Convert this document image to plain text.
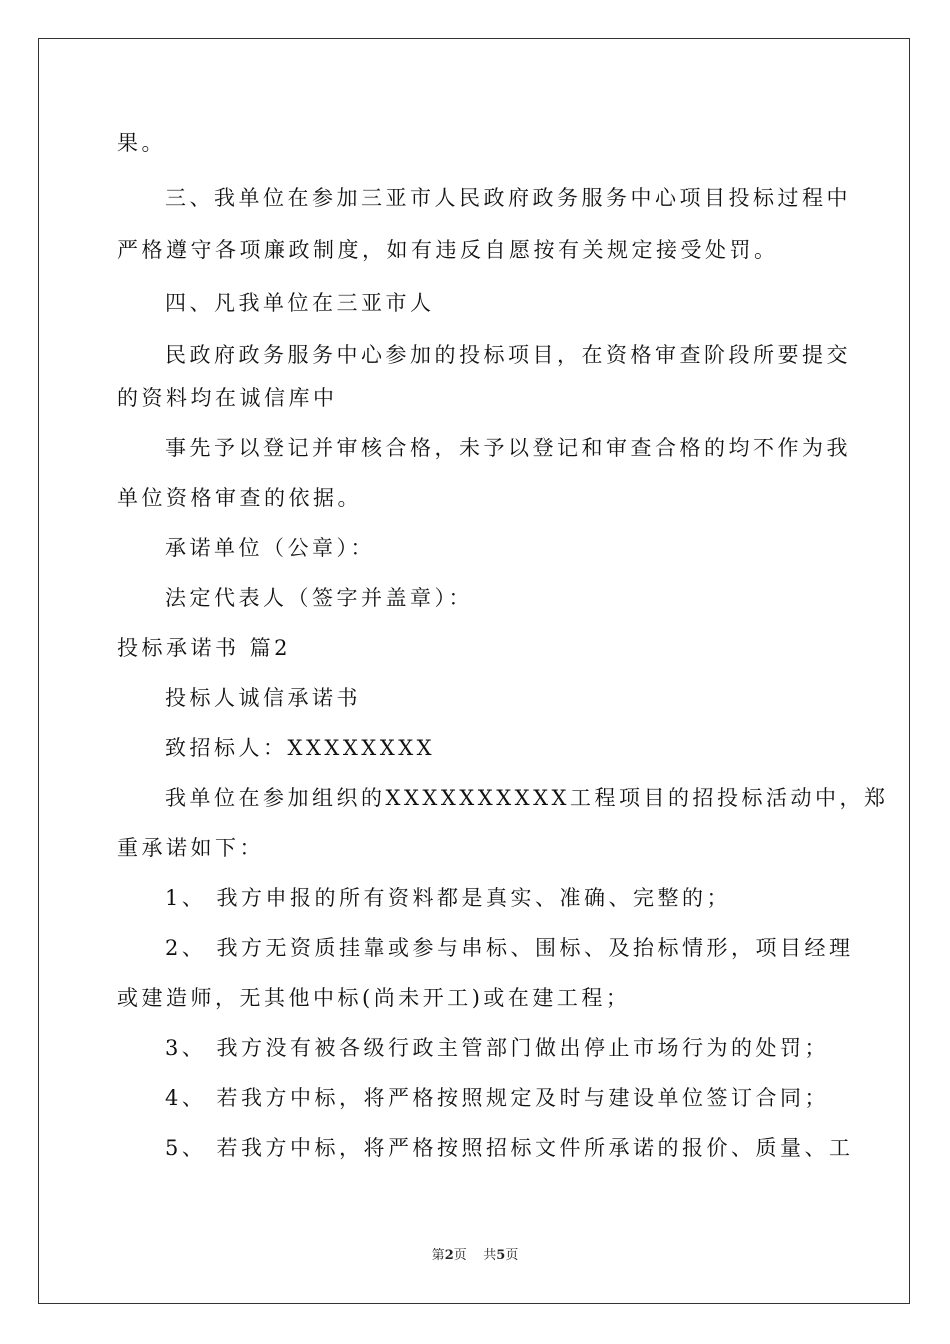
果。
三、我单位在参加三亚市人民政府政务服务中心项目投标过程中
严格遵守各项廉政制度，如有违反自愿按有关规定接受处罚。
四、凡我单位在三亚市人
民政府政务服务中心参加的投标项目，在资格审查阶段所要提交
的资料均在诚信库中
事先予以登记并审核合格，未予以登记和审查合格的均不作为我
单位资格审查的依据。
承诺单位（公章）：
法定代表人（签字并盖章）：
投标承诺书 篇2
投标人诚信承诺书
致招标人：XXXXXXXX
我单位在参加组织的XXXXXXXXXX工程项目的招投标活动中，郑
重承诺如下：
1、 我方申报的所有资料都是真实、准确、完整的；
2、 我方无资质挂靠或参与串标、围标、及抬标情形，项目经理
或建造师，无其他中标(尚未开工)或在建工程；
3、 我方没有被各级行政主管部门做出停止市场行为的处罚；
4、 若我方中标，将严格按照规定及时与建设单位签订合同；
5、 若我方中标，将严格按照招标文件所承诺的报价、质量、工
第2页    共5页
